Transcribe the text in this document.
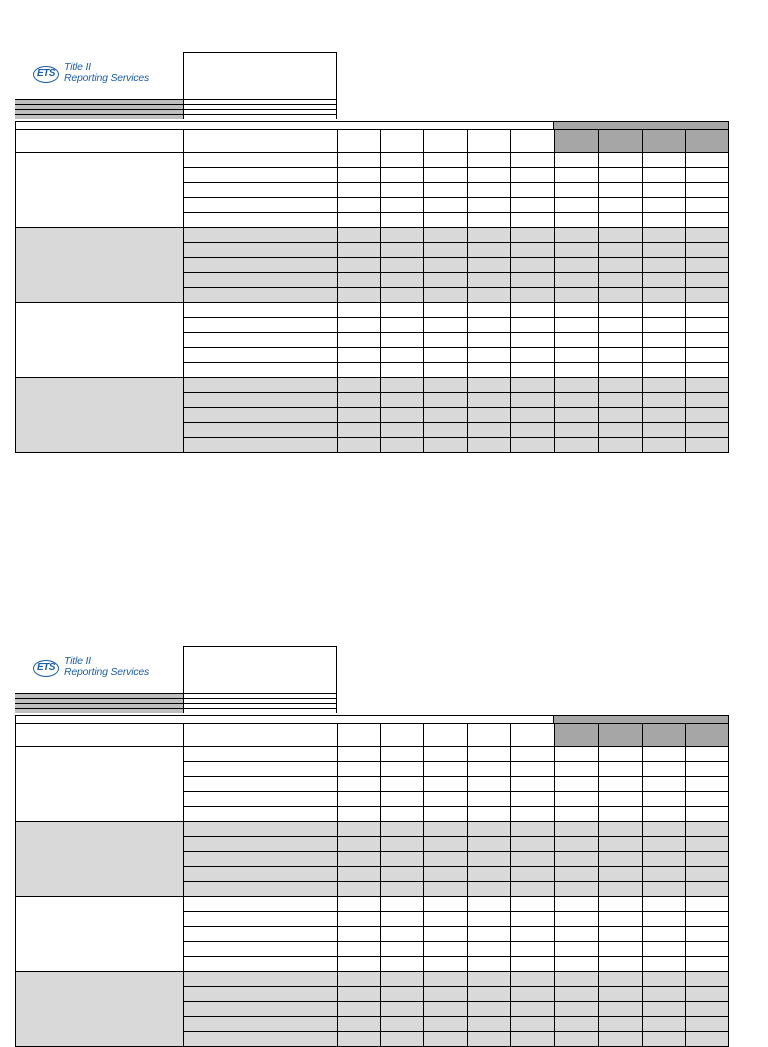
ETS
Title II
Reporting Services

ETS
Title II
Reporting Services
